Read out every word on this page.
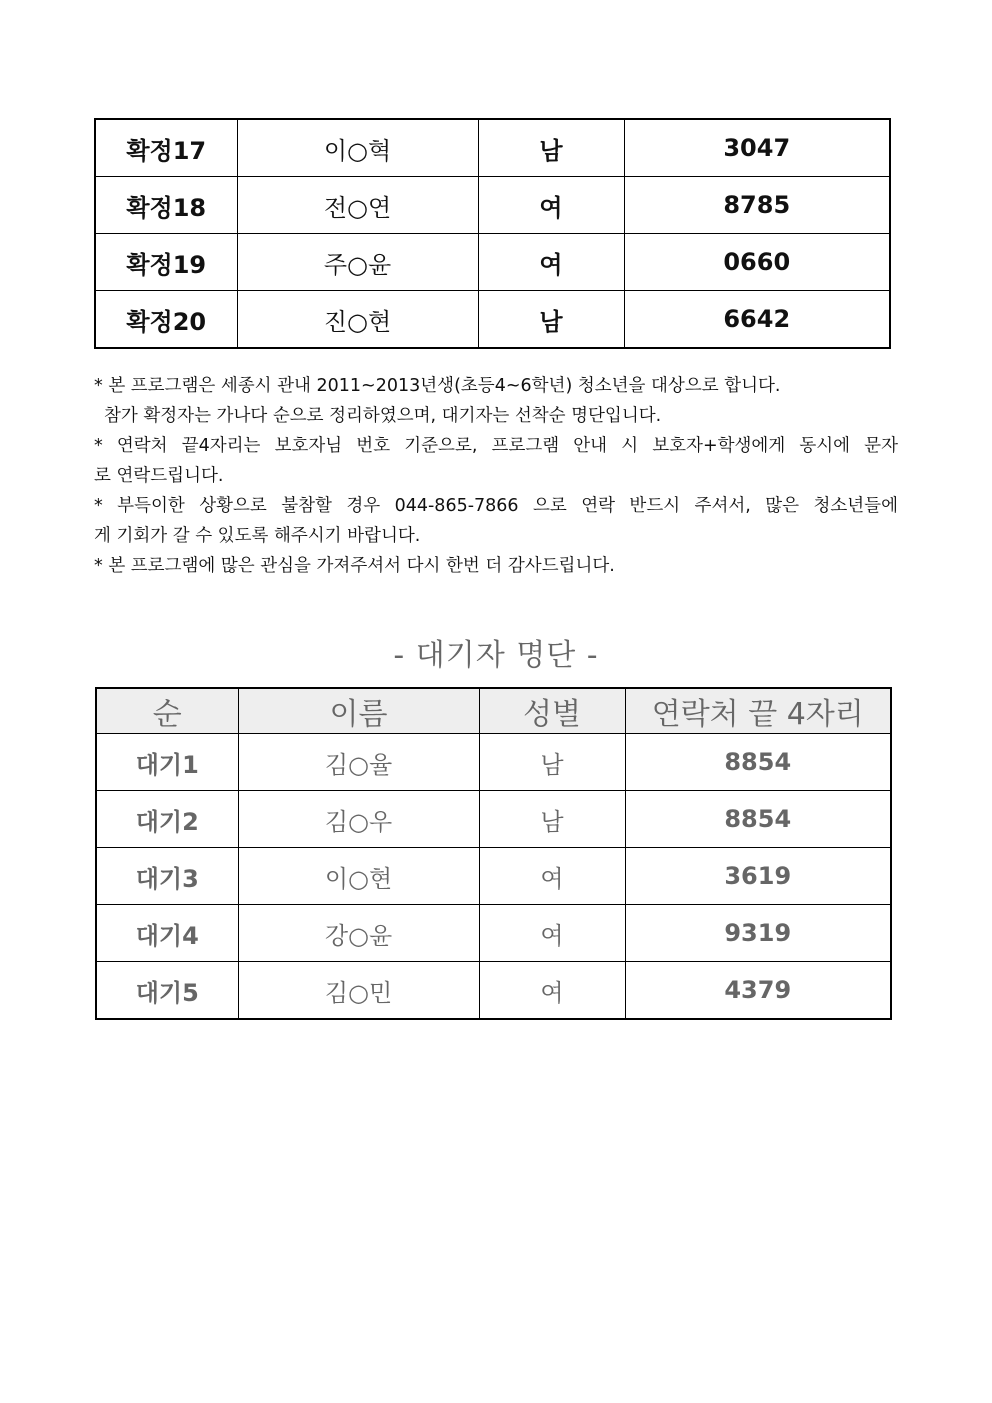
확정17	이○혁	남	3047
확정18	전○연	여	8785
확정19	주○윤	여	0660
확정20	진○현	남	6642

* 본 프로그램은 세종시 관내 2011~2013년생(초등4~6학년) 청소년을 대상으로 합니다.

참가 확정자는 가나다 순으로 정리하였으며, 대기자는 선착순 명단입니다.

* 연락처 끝4자리는 보호자님 번호 기준으로, 프로그램 안내 시 보호자+학생에게 동시에 문자

로 연락드립니다.

* 부득이한 상황으로 불참할 경우 044-865-7866 으로 연락 반드시 주셔서, 많은 청소년들에

게 기회가 갈 수 있도록 해주시기 바랍니다.

* 본 프로그램에 많은 관심을 가져주셔서 다시 한번 더 감사드립니다.

- 대기자 명단 -
순	이름	성별	연락처 끝 4자리
대기1	김○율	남	8854
대기2	김○우	남	8854
대기3	이○현	여	3619
대기4	강○윤	여	9319
대기5	김○민	여	4379
